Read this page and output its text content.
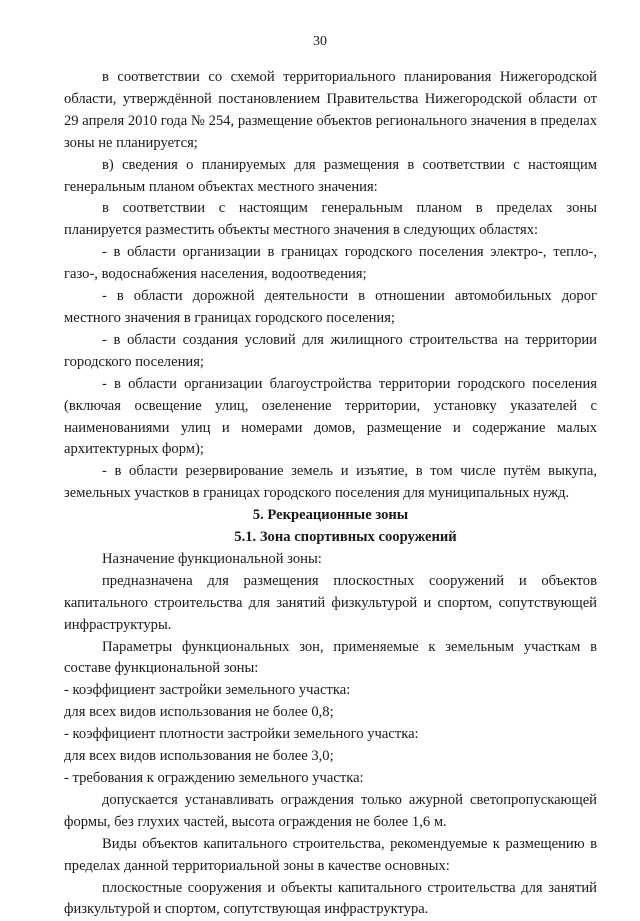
30

в соответствии со схемой территориального планирования Нижегородской области, утверждённой постановлением Правительства Нижегородской области от 29 апреля 2010 года № 254, размещение объектов регионального значения в пределах зоны не планируется;

в) сведения о планируемых для размещения в соответствии с настоящим генеральным планом объектах местного значения:

в соответствии с настоящим генеральным планом в пределах зоны планируется разместить объекты местного значения в следующих областях:

- в области организации в границах городского поселения электро-, тепло-, газо-, водоснабжения населения, водоотведения;

- в области дорожной деятельности в отношении автомобильных дорог местного значения в границах городского поселения;

- в области создания условий для жилищного строительства на территории городского поселения;

- в области организации благоустройства территории городского поселения (включая освещение улиц, озеленение территории, установку указателей с наименованиями улиц и номерами домов, размещение и содержание малых архитектурных форм);

- в области резервирование земель и изъятие, в том числе путём выкупа, земельных участков в границах городского поселения для муниципальных нужд.

5. Рекреационные зоны
5.1. Зона спортивных сооружений

Назначение функциональной зоны:

предназначена для размещения плоскостных сооружений и объектов капитального строительства для занятий физкультурой и спортом, сопутствующей инфраструктуры.

Параметры функциональных зон, применяемые к земельным участкам в составе функциональной зоны:

- коэффициент застройки земельного участка:

для всех видов использования не более 0,8;

- коэффициент плотности застройки земельного участка:

для всех видов использования не более 3,0;

- требования к ограждению земельного участка:

допускается устанавливать ограждения только ажурной светопропускающей формы, без глухих частей, высота ограждения не более 1,6 м.

Виды объектов капитального строительства, рекомендуемые к размещению в пределах данной территориальной зоны в качестве основных:

плоскостные сооружения и объекты капитального строительства для занятий физкультурой и спортом, сопутствующая инфраструктура.
